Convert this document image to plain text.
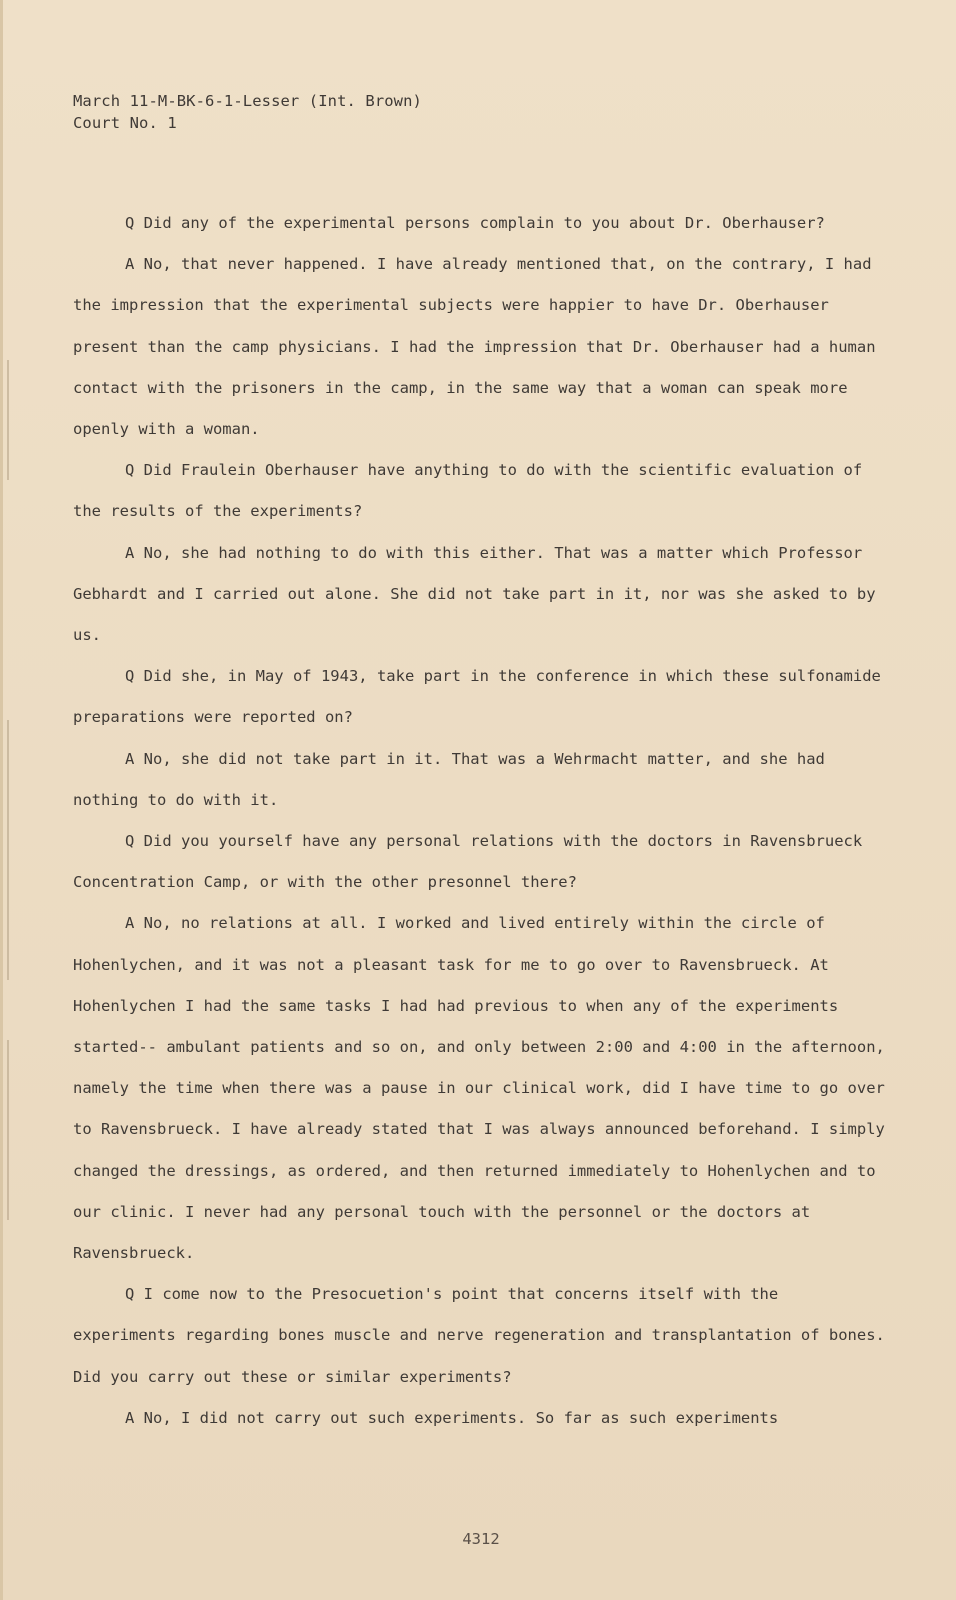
March 11-M-BK-6-1-Lesser (Int. Brown)
Court No. 1

Q Did any of the experimental persons complain to you about Dr. Oberhauser?

A No, that never happened. I have already mentioned that, on the contrary, I had the impression that the experimental subjects were happier to have Dr. Oberhauser present than the camp physicians. I had the impression that Dr. Oberhauser had a human contact with the prisoners in the camp, in the same way that a woman can speak more openly with a woman.

Q Did Fraulein Oberhauser have anything to do with the scientific evaluation of the results of the experiments?

A No, she had nothing to do with this either. That was a matter which Professor Gebhardt and I carried out alone. She did not take part in it, nor was she asked to by us.

Q Did she, in May of 1943, take part in the conference in which these sulfonamide preparations were reported on?

A No, she did not take part in it. That was a Wehrmacht matter, and she had nothing to do with it.

Q Did you yourself have any personal relations with the doctors in Ravensbrueck Concentration Camp, or with the other presonnel there?

A No, no relations at all. I worked and lived entirely within the circle of Hohenlychen, and it was not a pleasant task for me to go over to Ravensbrueck. At Hohenlychen I had the same tasks I had had previous to when any of the experiments started-- ambulant patients and so on, and only between 2:00 and 4:00 in the afternoon, namely the time when there was a pause in our clinical work, did I have time to go over to Ravensbrueck. I have already stated that I was always announced beforehand. I simply changed the dressings, as ordered, and then returned immediately to Hohenlychen and to our clinic. I never had any personal touch with the personnel or the doctors at Ravensbrueck.

Q I come now to the Presocuetion's point that concerns itself with the experiments regarding bones muscle and nerve regeneration and transplantation of bones. Did you carry out these or similar experiments?

A No, I did not carry out such experiments. So far as such experiments

4312
